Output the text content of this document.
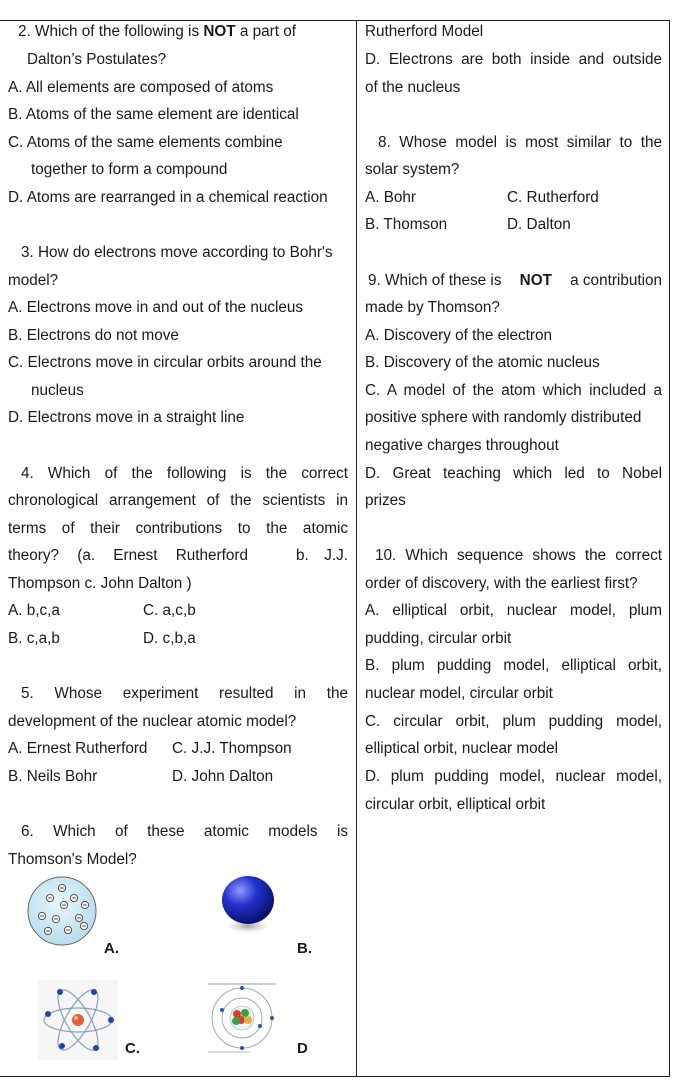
2. Which of the following is NOT a part of
Dalton’s Postulates?
A. All elements are composed of atoms
B. Atoms of the same element are identical
C. Atoms of the same elements combine
together to form a compound
D. Atoms are rearranged in a chemical reaction
3. How do electrons move according to Bohr's
model?
A. Electrons move in and out of the nucleus
B. Electrons do not move
C. Electrons move in circular orbits around the
nucleus
D. Electrons move in a straight line
4. Which of the following is the correct
chronological arrangement of the scientists in
terms of their contributions to the atomic
theory? (a. Ernest Rutherford	b. J.J.
Thompson c. John Dalton )
A. b,c,a	C. a,c,b
B. c,a,b	D. c,b,a
5. Whose experiment resulted in the
development of the nuclear atomic model?
A. Ernest Rutherford C. J.J. Thompson
B. Neils Bohr	D. John Dalton
6. Which of these atomic models is
Thomson's Model?
A.	B.
C.	D
Rutherford Model
D. Electrons are both inside and outside
of the nucleus
8. Whose model is most similar to the
solar system?
A. Bohr	C. Rutherford
B. Thomson	D. Dalton
9. Which of these is NOT a contribution
made by Thomson?
A. Discovery of the electron
B. Discovery of the atomic nucleus
C. A model of the atom which included a
positive sphere with randomly distributed
negative charges throughout
D. Great teaching which led to Nobel
prizes
10. Which sequence shows the correct
order of discovery, with the earliest first?
A. elliptical orbit, nuclear model, plum
pudding, circular orbit
B. plum pudding model, elliptical orbit,
nuclear model, circular orbit
C. circular orbit, plum pudding model,
elliptical orbit, nuclear model
D. plum pudding model, nuclear model,
circular orbit, elliptical orbit
